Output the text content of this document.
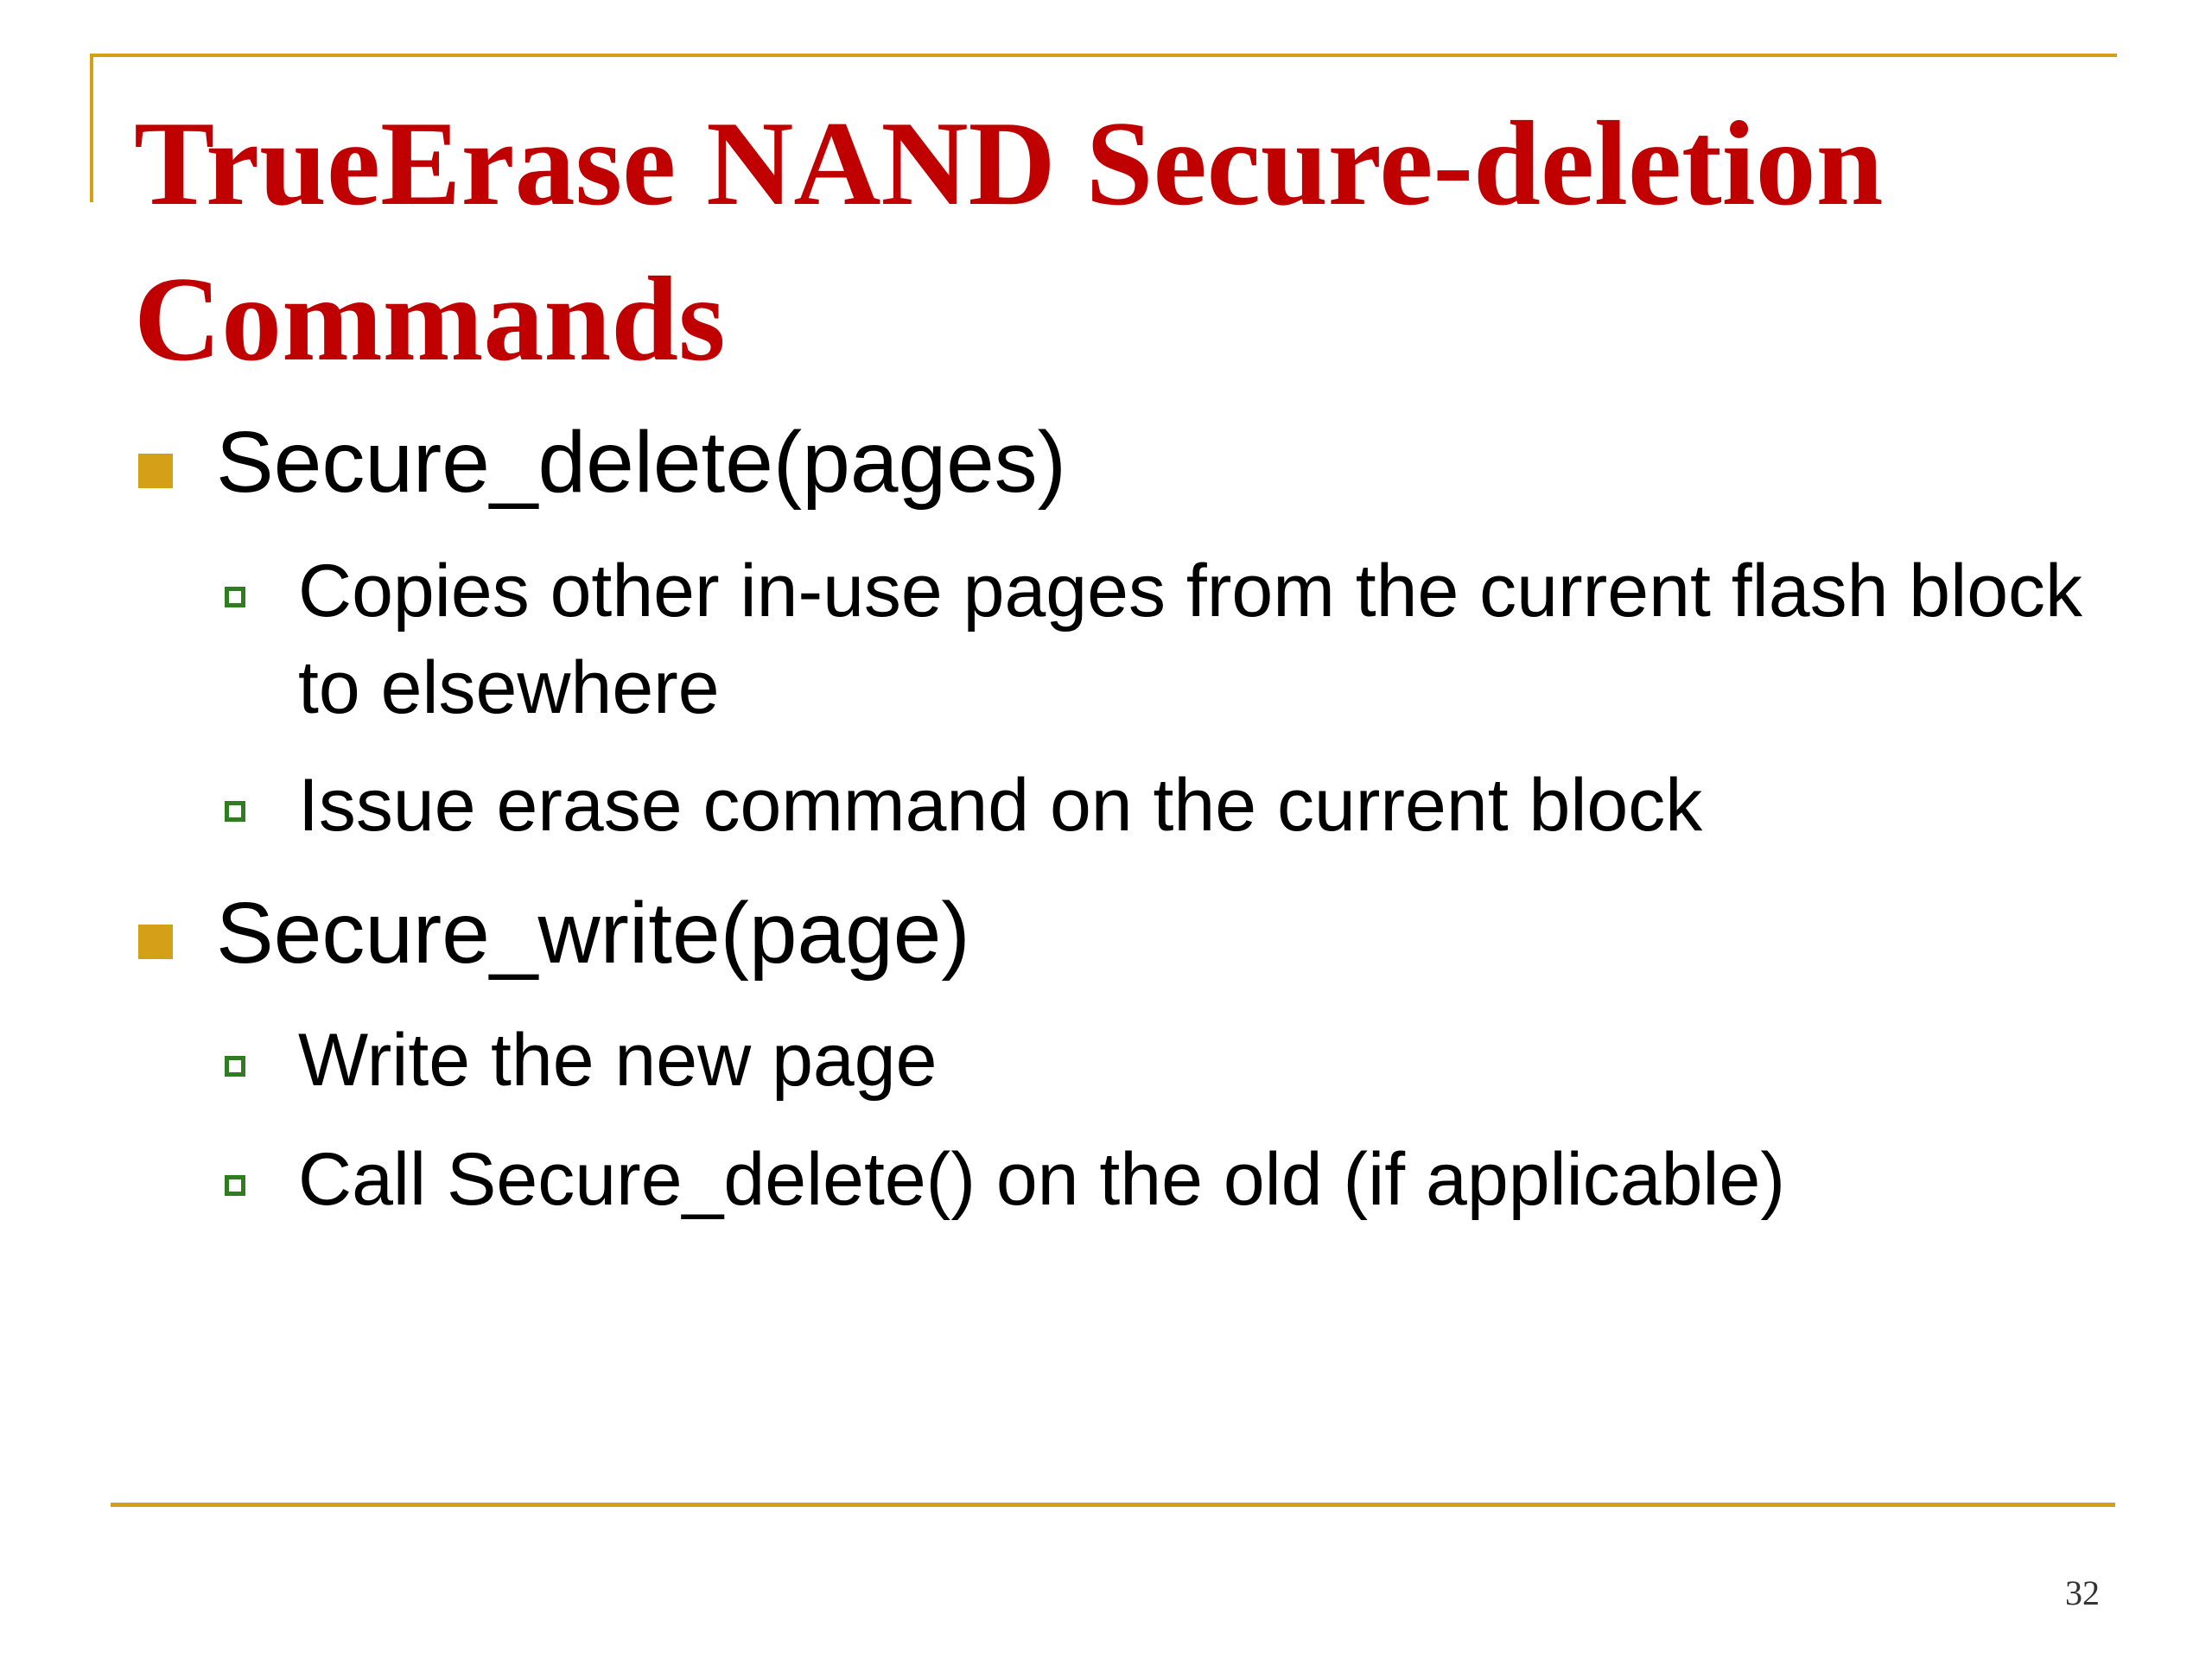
TrueErase NAND Secure-deletion
Commands
Secure_delete(pages)
Copies other in-use pages from the current flash block to elsewhere
Issue erase command on the current block
Secure_write(page)
Write the new page
Call Secure_delete() on the old (if applicable)
32
